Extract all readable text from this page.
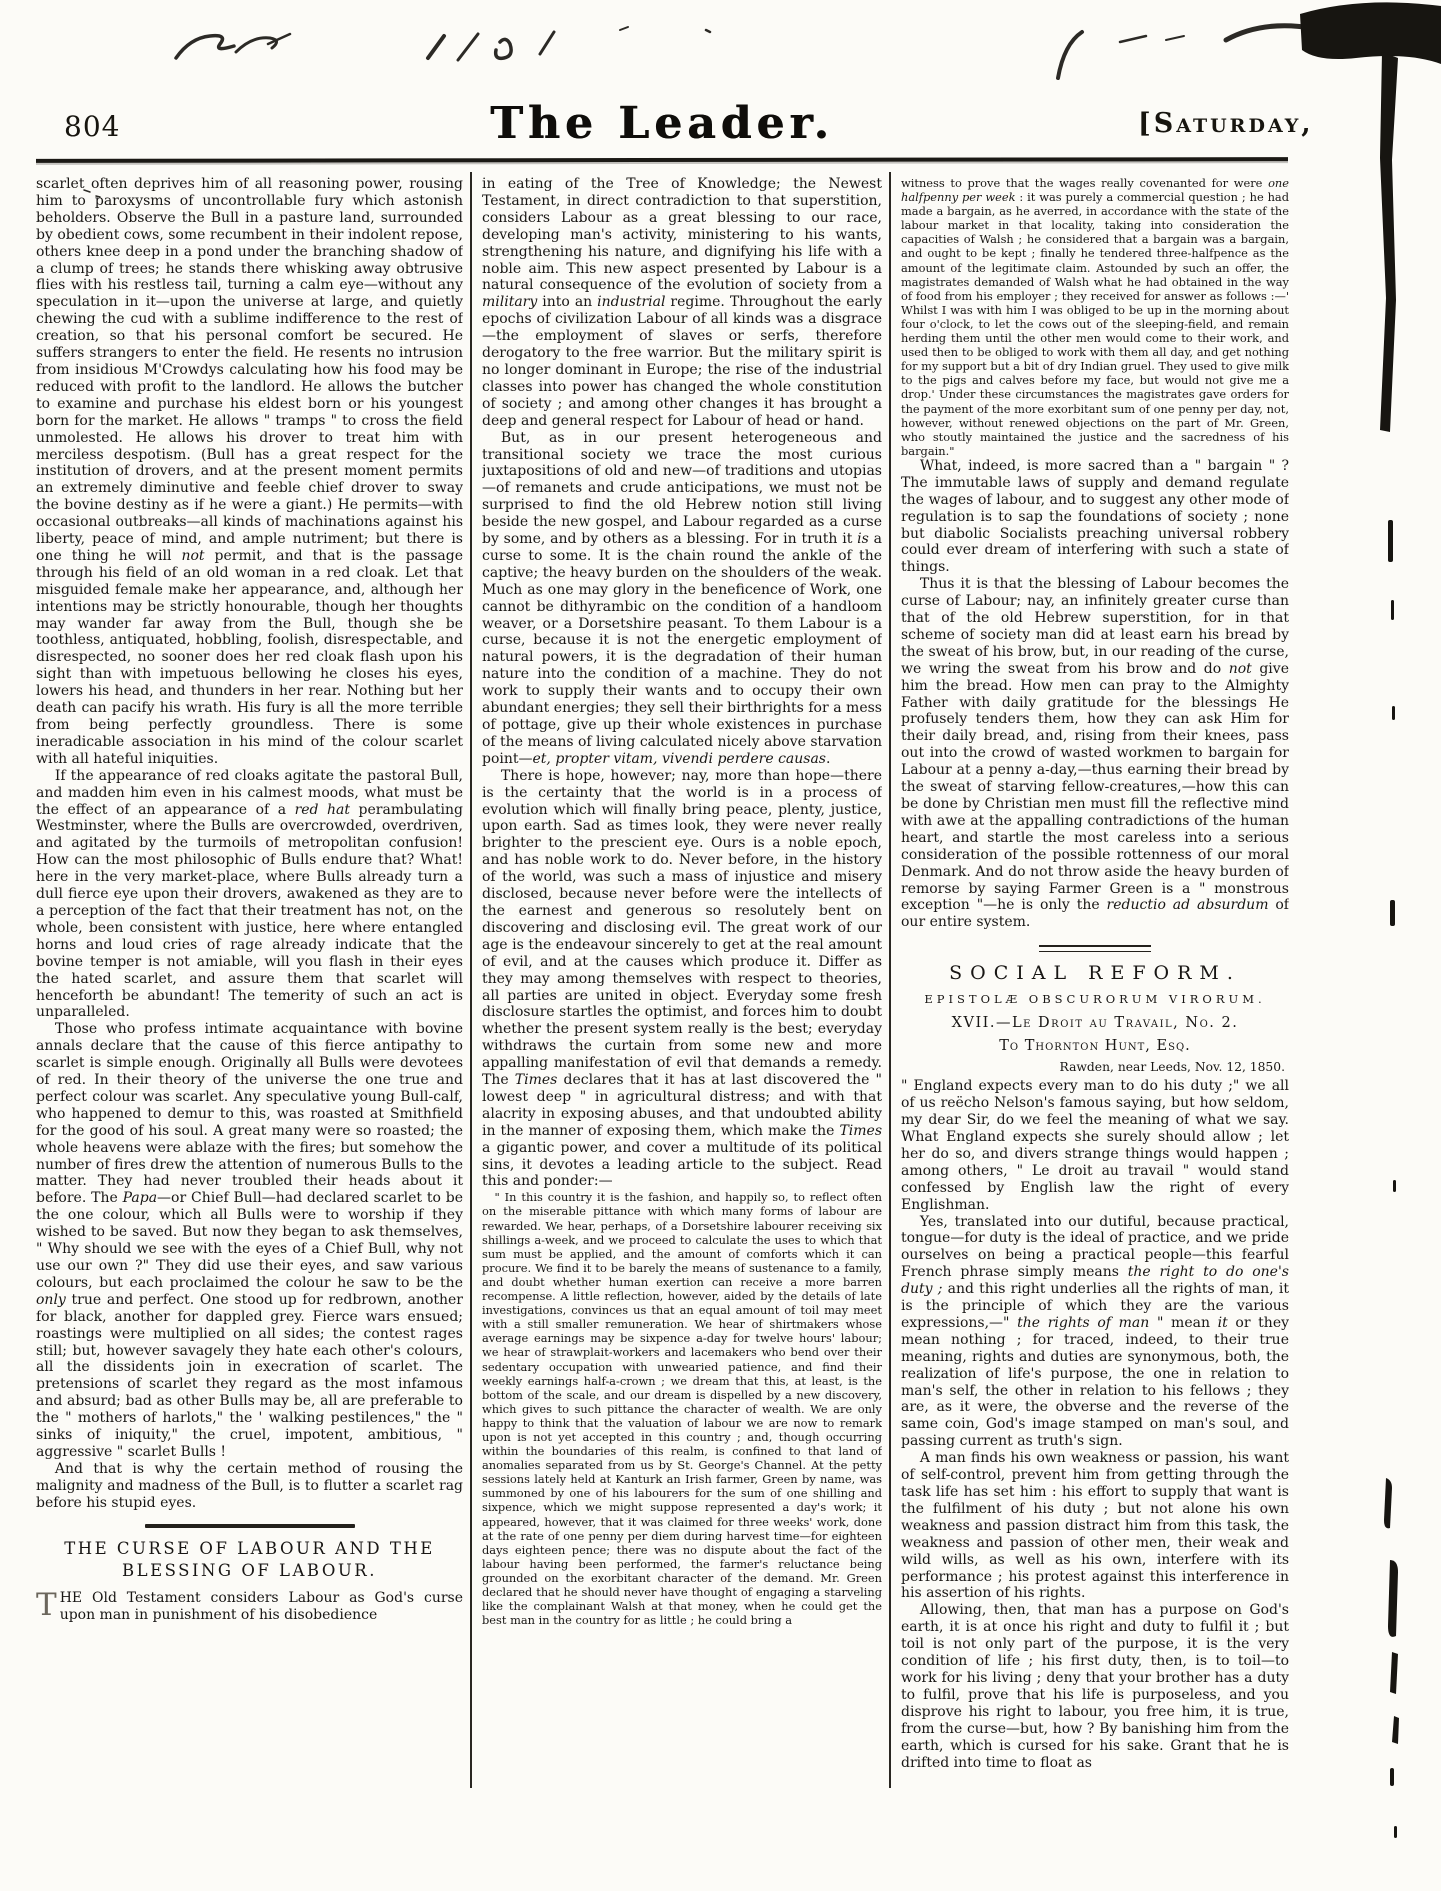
804	The Leader.	[Saturday,

scarlet often deprives him of all reasoning power, rousing him to paroxysms of uncontrollable fury which astonish beholders. Observe the Bull in a pasture land, surrounded by obedient cows, some recumbent in their indolent repose, others knee deep in a pond under the branching shadow of a clump of trees; he stands there whisking away obtrusive flies with his restless tail, turning a calm eye—without any speculation in it—upon the universe at large, and quietly chewing the cud with a sublime indifference to the rest of creation, so that his personal comfort be secured. He suffers strangers to enter the field. He resents no intrusion from insidious M'Crowdys calculating how his food may be reduced with profit to the landlord. He allows the butcher to examine and purchase his eldest born or his youngest born for the market. He allows " tramps " to cross the field unmolested. He allows his drover to treat him with merciless despotism. (Bull has a great respect for the institution of drovers, and at the present moment permits an extremely diminutive and feeble chief drover to sway the bovine destiny as if he were a giant.) He permits—with occasional outbreaks—all kinds of machinations against his liberty, peace of mind, and ample nutriment; but there is one thing he will not permit, and that is the passage through his field of an old woman in a red cloak. Let that misguided female make her appearance, and, although her intentions may be strictly honourable, though her thoughts may wander far away from the Bull, though she be toothless, antiquated, hobbling, foolish, disrespectable, and disrespected, no sooner does her red cloak flash upon his sight than with impetuous bellowing he closes his eyes, lowers his head, and thunders in her rear. Nothing but her death can pacify his wrath. His fury is all the more terrible from being perfectly groundless. There is some ineradicable association in his mind of the colour scarlet with all hateful iniquities.

If the appearance of red cloaks agitate the pastoral Bull, and madden him even in his calmest moods, what must be the effect of an appearance of a red hat perambulating Westminster, where the Bulls are overcrowded, overdriven, and agitated by the turmoils of metropolitan confusion! How can the most philosophic of Bulls endure that? What! here in the very market-place, where Bulls already turn a dull fierce eye upon their drovers, awakened as they are to a perception of the fact that their treatment has not, on the whole, been consistent with justice, here where entangled horns and loud cries of rage already indicate that the bovine temper is not amiable, will you flash in their eyes the hated scarlet, and assure them that scarlet will henceforth be abundant! The temerity of such an act is unparalleled.

Those who profess intimate acquaintance with bovine annals declare that the cause of this fierce antipathy to scarlet is simple enough. Originally all Bulls were devotees of red. In their theory of the universe the one true and perfect colour was scarlet. Any speculative young Bull-calf, who happened to demur to this, was roasted at Smithfield for the good of his soul. A great many were so roasted; the whole heavens were ablaze with the fires; but somehow the number of fires drew the attention of numerous Bulls to the matter. They had never troubled their heads about it before. The Papa—or Chief Bull—had declared scarlet to be the one colour, which all Bulls were to worship if they wished to be saved. But now they began to ask themselves, " Why should we see with the eyes of a Chief Bull, why not use our own ?" They did use their eyes, and saw various colours, but each proclaimed the colour he saw to be the only true and perfect. One stood up for redbrown, another for black, another for dappled grey. Fierce wars ensued; roastings were multiplied on all sides; the contest rages still; but, however savagely they hate each other's colours, all the dissidents join in execration of scarlet. The pretensions of scarlet they regard as the most infamous and absurd; bad as other Bulls may be, all are preferable to the " mothers of harlots," the ' walking pestilences," the " sinks of iniquity," the cruel, impotent, ambitious, " aggressive " scarlet Bulls !

And that is why the certain method of rousing the malignity and madness of the Bull, is to flutter a scarlet rag before his stupid eyes.

THE CURSE OF LABOUR AND THE
BLESSING OF LABOUR.

THE Old Testament considers Labour as God's curse upon man in punishment of his disobedience

in eating of the Tree of Knowledge; the Newest Testament, in direct contradiction to that superstition, considers Labour as a great blessing to our race, developing man's activity, ministering to his wants, strengthening his nature, and dignifying his life with a noble aim. This new aspect presented by Labour is a natural consequence of the evolution of society from a military into an industrial regime. Throughout the early epochs of civilization Labour of all kinds was a disgrace—the employment of slaves or serfs, therefore derogatory to the free warrior. But the military spirit is no longer dominant in Europe; the rise of the industrial classes into power has changed the whole constitution of society ; and among other changes it has brought a deep and general respect for Labour of head or hand.

But, as in our present heterogeneous and transitional society we trace the most curious juxtapositions of old and new—of traditions and utopias—of remanets and crude anticipations, we must not be surprised to find the old Hebrew notion still living beside the new gospel, and Labour regarded as a curse by some, and by others as a blessing. For in truth it is a curse to some. It is the chain round the ankle of the captive; the heavy burden on the shoulders of the weak. Much as one may glory in the beneficence of Work, one cannot be dithyrambic on the condition of a handloom weaver, or a Dorsetshire peasant. To them Labour is a curse, because it is not the energetic employment of natural powers, it is the degradation of their human nature into the condition of a machine. They do not work to supply their wants and to occupy their own abundant energies; they sell their birthrights for a mess of pottage, give up their whole existences in purchase of the means of living calculated nicely above starvation point—et, propter vitam, vivendi perdere causas.

There is hope, however; nay, more than hope—there is the certainty that the world is in a process of evolution which will finally bring peace, plenty, justice, upon earth. Sad as times look, they were never really brighter to the prescient eye. Ours is a noble epoch, and has noble work to do. Never before, in the history of the world, was such a mass of injustice and misery disclosed, because never before were the intellects of the earnest and generous so resolutely bent on discovering and disclosing evil. The great work of our age is the endeavour sincerely to get at the real amount of evil, and at the causes which produce it. Differ as they may among themselves with respect to theories, all parties are united in object. Everyday some fresh disclosure startles the optimist, and forces him to doubt whether the present system really is the best; everyday withdraws the curtain from some new and more appalling manifestation of evil that demands a remedy. The Times declares that it has at last discovered the " lowest deep " in agricultural distress; and with that alacrity in exposing abuses, and that undoubted ability in the manner of exposing them, which make the Times a gigantic power, and cover a multitude of its political sins, it devotes a leading article to the subject. Read this and ponder:—

" In this country it is the fashion, and happily so, to reflect often on the miserable pittance with which many forms of labour are rewarded. We hear, perhaps, of a Dorsetshire labourer receiving six shillings a-week, and we proceed to calculate the uses to which that sum must be applied, and the amount of comforts which it can procure. We find it to be barely the means of sustenance to a family, and doubt whether human exertion can receive a more barren recompense. A little reflection, however, aided by the details of late investigations, convinces us that an equal amount of toil may meet with a still smaller remuneration. We hear of shirtmakers whose average earnings may be sixpence a-day for twelve hours' labour; we hear of strawplait-workers and lacemakers who bend over their sedentary occupation with unwearied patience, and find their weekly earnings half-a-crown ; we dream that this, at least, is the bottom of the scale, and our dream is dispelled by a new discovery, which gives to such pittance the character of wealth. We are only happy to think that the valuation of labour we are now to remark upon is not yet accepted in this country ; and, though occurring within the boundaries of this realm, is confined to that land of anomalies separated from us by St. George's Channel. At the petty sessions lately held at Kanturk an Irish farmer, Green by name, was summoned by one of his labourers for the sum of one shilling and sixpence, which we might suppose represented a day's work; it appeared, however, that it was claimed for three weeks' work, done at the rate of one penny per diem during harvest time—for eighteen days eighteen pence; there was no dispute about the fact of the labour having been performed, the farmer's reluctance being grounded on the exorbitant character of the demand. Mr. Green declared that he should never have thought of engaging a starveling like the complainant Walsh at that money, when he could get the best man in the country for as little ; he could bring a

witness to prove that the wages really covenanted for were one halfpenny per week : it was purely a commercial question ; he had made a bargain, as he averred, in accordance with the state of the labour market in that locality, taking into consideration the capacities of Walsh ; he considered that a bargain was a bargain, and ought to be kept ; finally he tendered three-halfpence as the amount of the legitimate claim. Astounded by such an offer, the magistrates demanded of Walsh what he had obtained in the way of food from his employer ; they received for answer as follows :—' Whilst I was with him I was obliged to be up in the morning about four o'clock, to let the cows out of the sleeping-field, and remain herding them until the other men would come to their work, and used then to be obliged to work with them all day, and get nothing for my support but a bit of dry Indian gruel. They used to give milk to the pigs and calves before my face, but would not give me a drop.' Under these circumstances the magistrates gave orders for the payment of the more exorbitant sum of one penny per day, not, however, without renewed objections on the part of Mr. Green, who stoutly maintained the justice and the sacredness of his bargain."

What, indeed, is more sacred than a " bargain " ? The immutable laws of supply and demand regulate the wages of labour, and to suggest any other mode of regulation is to sap the foundations of society ; none but diabolic Socialists preaching universal robbery could ever dream of interfering with such a state of things.

Thus it is that the blessing of Labour becomes the curse of Labour; nay, an infinitely greater curse than that of the old Hebrew superstition, for in that scheme of society man did at least earn his bread by the sweat of his brow, but, in our reading of the curse, we wring the sweat from his brow and do not give him the bread. How men can pray to the Almighty Father with daily gratitude for the blessings He profusely tenders them, how they can ask Him for their daily bread, and, rising from their knees, pass out into the crowd of wasted workmen to bargain for Labour at a penny a-day,—thus earning their bread by the sweat of starving fellow-creatures,—how this can be done by Christian men must fill the reflective mind with awe at the appalling contradictions of the human heart, and startle the most careless into a serious consideration of the possible rottenness of our moral Denmark. And do not throw aside the heavy burden of remorse by saying Farmer Green is a " monstrous exception "—he is only the reductio ad absurdum of our entire system.

SOCIAL REFORM.
EPISTOLÆ OBSCURORUM VIRORUM.
XVII.—Le Droit au Travail, No. 2.
To Thornton Hunt, Esq.
Rawden, near Leeds, Nov. 12, 1850.

" England expects every man to do his duty ;" we all of us reëcho Nelson's famous saying, but how seldom, my dear Sir, do we feel the meaning of what we say. What England expects she surely should allow ; let her do so, and divers strange things would happen ; among others, " Le droit au travail " would stand confessed by English law the right of every Englishman.

Yes, translated into our dutiful, because practical, tongue—for duty is the ideal of practice, and we pride ourselves on being a practical people—this fearful French phrase simply means the right to do one's duty ; and this right underlies all the rights of man, it is the principle of which they are the various expressions,—" the rights of man " mean it or they mean nothing ; for traced, indeed, to their true meaning, rights and duties are synonymous, both, the realization of life's purpose, the one in relation to man's self, the other in relation to his fellows ; they are, as it were, the obverse and the reverse of the same coin, God's image stamped on man's soul, and passing current as truth's sign.

A man finds his own weakness or passion, his want of self-control, prevent him from getting through the task life has set him : his effort to supply that want is the fulfilment of his duty ; but not alone his own weakness and passion distract him from this task, the weakness and passion of other men, their weak and wild wills, as well as his own, interfere with its performance ; his protest against this interference in his assertion of his rights.

Allowing, then, that man has a purpose on God's earth, it is at once his right and duty to fulfil it ; but toil is not only part of the purpose, it is the very condition of life ; his first duty, then, is to toil—to work for his living ; deny that your brother has a duty to fulfil, prove that his life is purposeless, and you disprove his right to labour, you free him, it is true, from the curse—but, how ? By banishing him from the earth, which is cursed for his sake. Grant that he is drifted into time to float as
